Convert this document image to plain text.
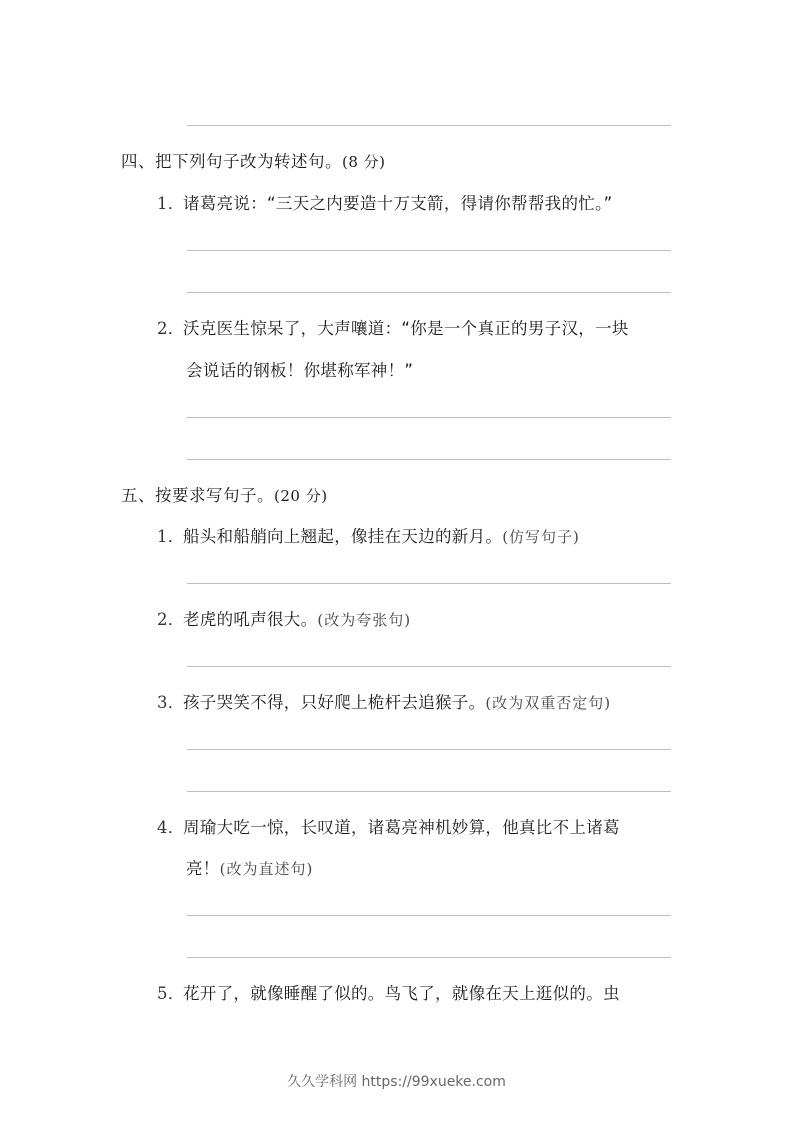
四、把下列句子改为转述句。(8 分)
1．诸葛亮说：“三天之内要造十万支箭，得请你帮帮我的忙。”
2．沃克医生惊呆了，大声嚷道：“你是一个真正的男子汉，一块
会说话的钢板！你堪称军神！”
五、按要求写句子。(20 分)
1．船头和船艄向上翘起，像挂在天边的新月。(仿写句子)
2．老虎的吼声很大。(改为夸张句)
3．孩子哭笑不得，只好爬上桅杆去追猴子。(改为双重否定句)
4．周瑜大吃一惊，长叹道，诸葛亮神机妙算，他真比不上诸葛
亮！(改为直述句)
5．花开了，就像睡醒了似的。鸟飞了，就像在天上逛似的。虫
久久学科网 https://99xueke.com
